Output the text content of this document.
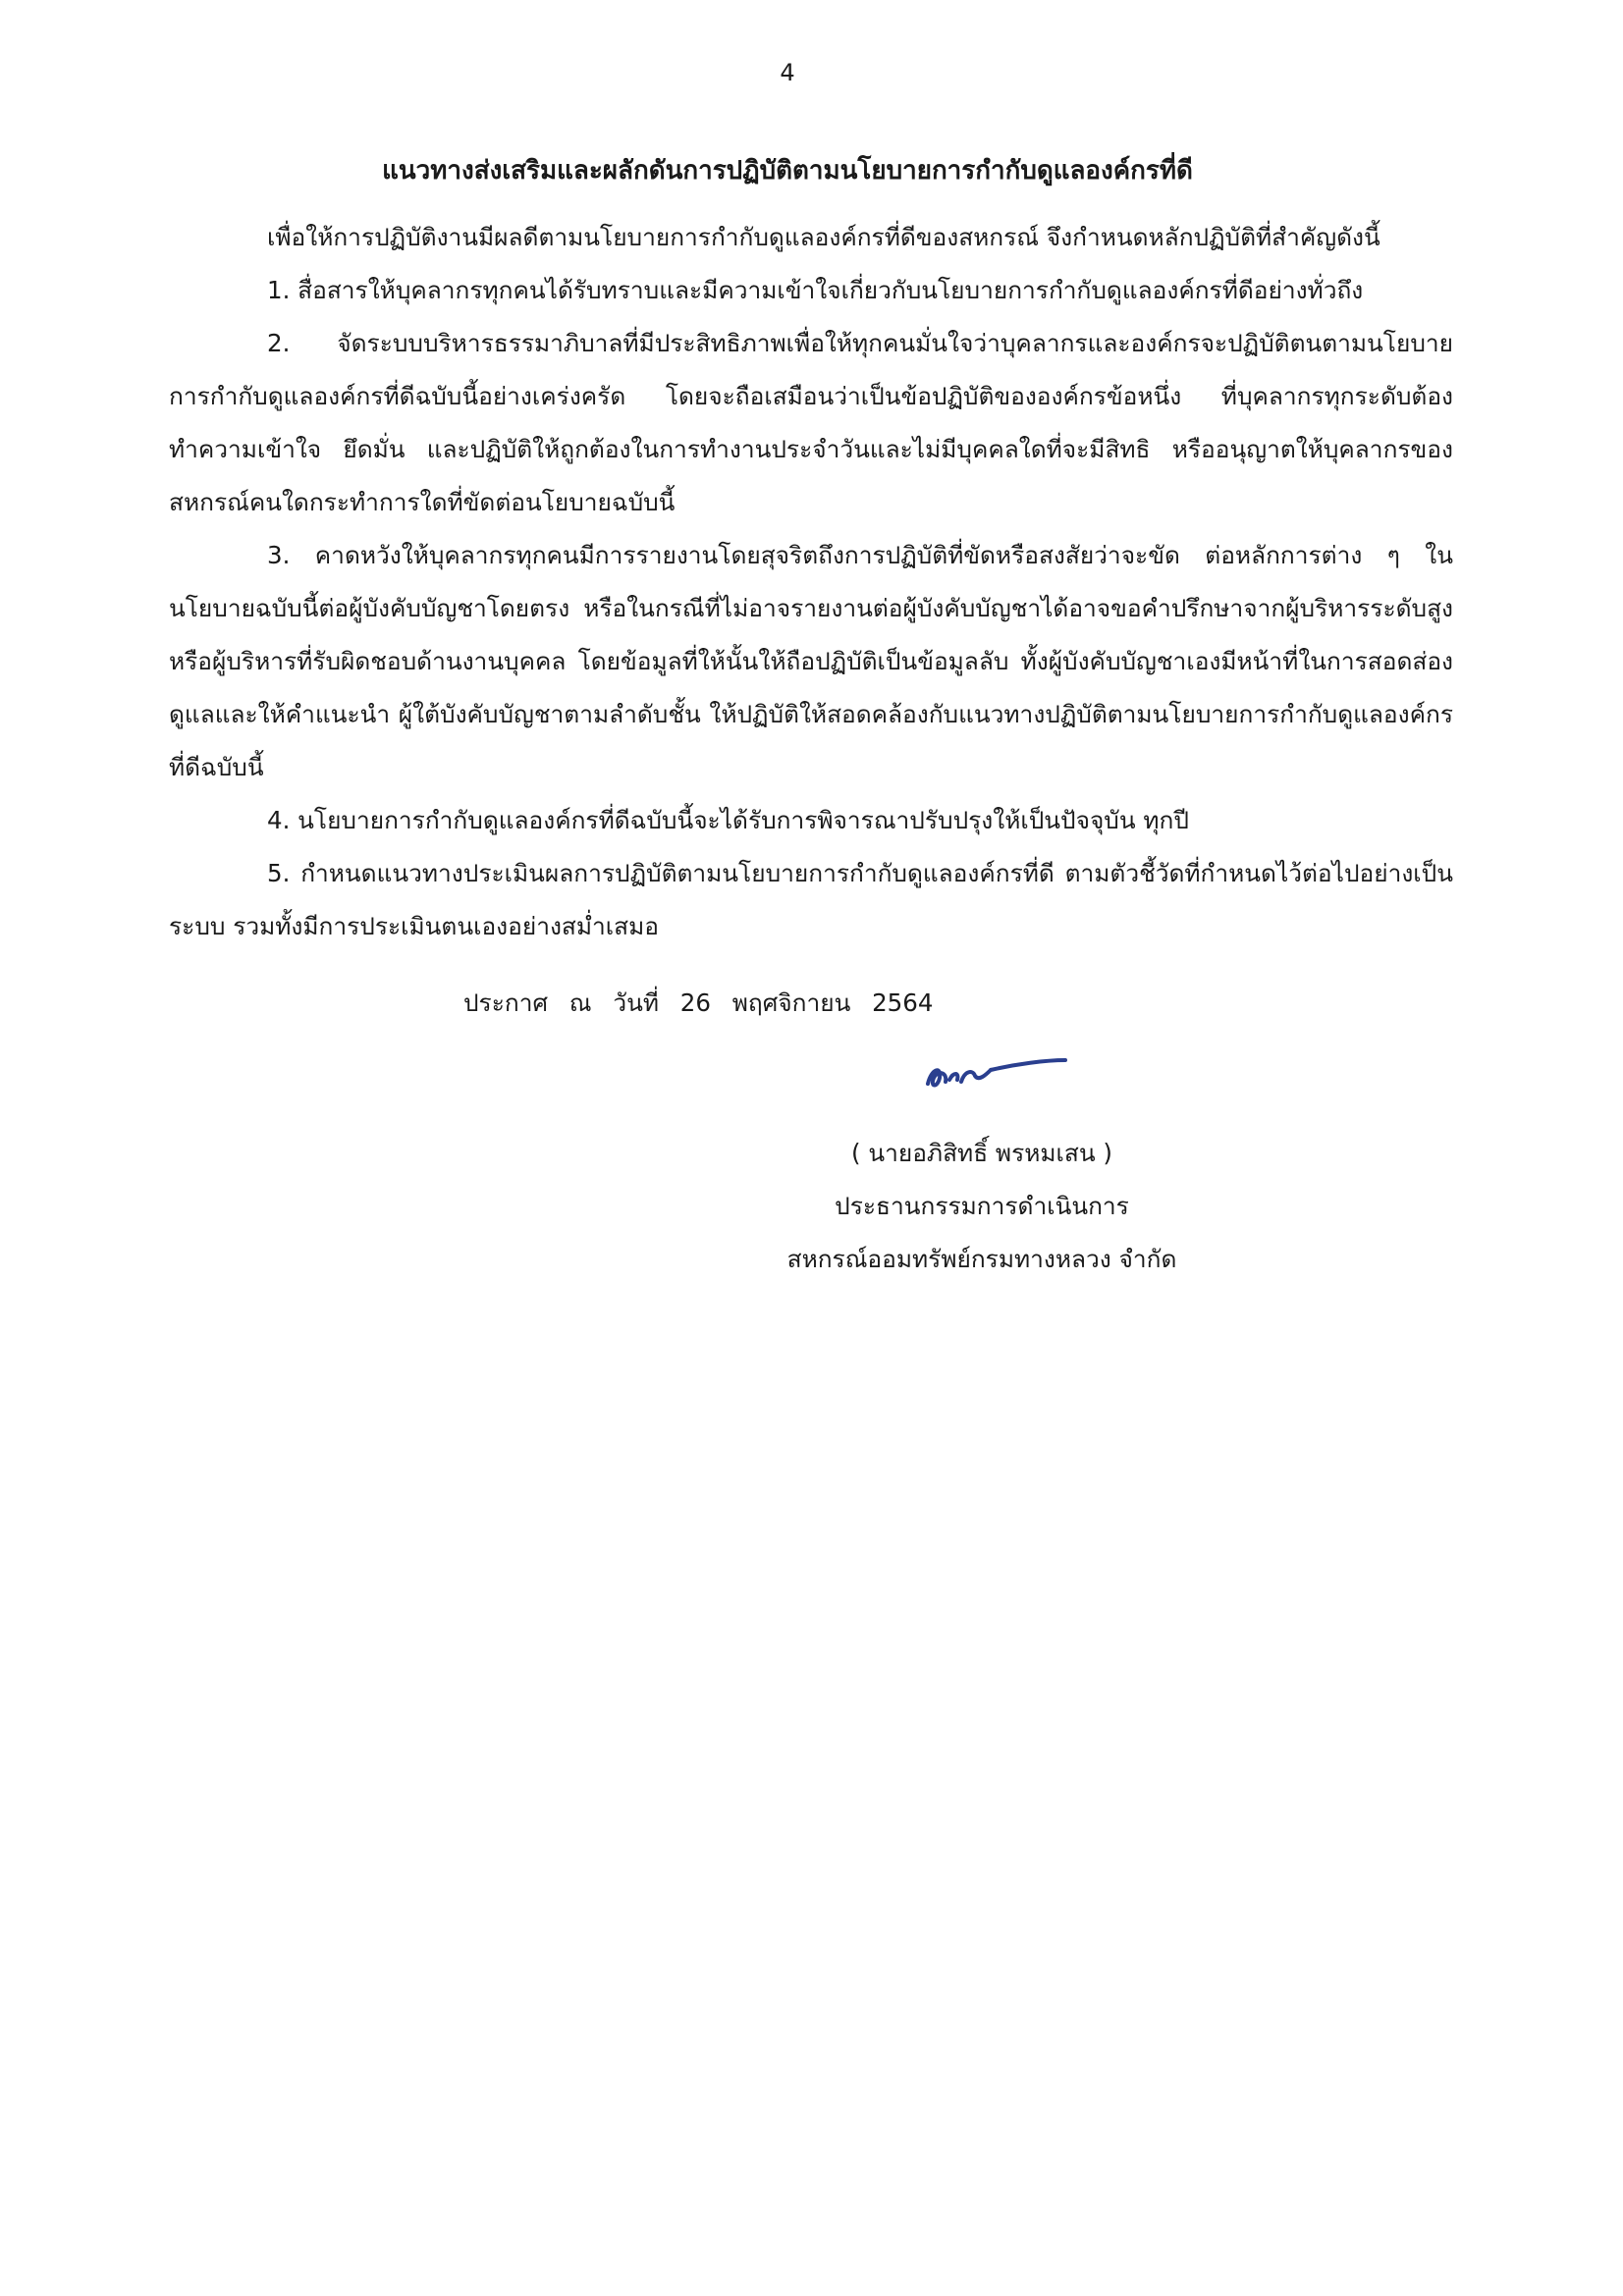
4
แนวทางส่งเสริมและผลักดันการปฏิบัติตามนโยบายการกำกับดูแลองค์กรที่ดี

เพื่อให้การปฏิบัติงานมีผลดีตามนโยบายการกำกับดูแลองค์กรที่ดีของสหกรณ์ จึงกำหนดหลักปฏิบัติที่สำคัญดังนี้

1. สื่อสารให้บุคลากรทุกคนได้รับทราบและมีความเข้าใจเกี่ยวกับนโยบายการกำกับดูแลองค์กรที่ดีอย่างทั่วถึง

2. จัดระบบบริหารธรรมาภิบาลที่มีประสิทธิภาพเพื่อให้ทุกคนมั่นใจว่าบุคลากรและองค์กรจะปฏิบัติตนตามนโยบายการกำกับดูแลองค์กรที่ดีฉบับนี้อย่างเคร่งครัด โดยจะถือเสมือนว่าเป็นข้อปฏิบัติขององค์กรข้อหนึ่ง ที่บุคลากรทุกระดับต้องทำความเข้าใจ ยึดมั่น และปฏิบัติให้ถูกต้องในการทำงานประจำวันและไม่มีบุคคลใดที่จะมีสิทธิ หรืออนุญาตให้บุคลากรของสหกรณ์คนใดกระทำการใดที่ขัดต่อนโยบายฉบับนี้

3. คาดหวังให้บุคลากรทุกคนมีการรายงานโดยสุจริตถึงการปฏิบัติที่ขัดหรือสงสัยว่าจะขัด ต่อหลักการต่าง ๆ ในนโยบายฉบับนี้ต่อผู้บังคับบัญชาโดยตรง หรือในกรณีที่ไม่อาจรายงานต่อผู้บังคับบัญชาได้อาจขอคำปรึกษาจากผู้บริหารระดับสูง หรือผู้บริหารที่รับผิดชอบด้านงานบุคคล โดยข้อมูลที่ให้นั้นให้ถือปฏิบัติเป็นข้อมูลลับ ทั้งผู้บังคับบัญชาเองมีหน้าที่ในการสอดส่องดูแลและให้คำแนะนำ ผู้ใต้บังคับบัญชาตามลำดับชั้น ให้ปฏิบัติให้สอดคล้องกับแนวทางปฏิบัติตามนโยบายการกำกับดูแลองค์กรที่ดีฉบับนี้

4. นโยบายการกำกับดูแลองค์กรที่ดีฉบับนี้จะได้รับการพิจารณาปรับปรุงให้เป็นปัจจุบัน ทุกปี

5. กำหนดแนวทางประเมินผลการปฏิบัติตามนโยบายการกำกับดูแลองค์กรที่ดี ตามตัวชี้วัดที่กำหนดไว้ต่อไปอย่างเป็นระบบ รวมทั้งมีการประเมินตนเองอย่างสม่ำเสมอ

ประกาศ ณ วันที่ 26 พฤศจิกายน 2564
( นายอภิสิทธิ์ พรหมเสน )
ประธานกรรมการดำเนินการ
สหกรณ์ออมทรัพย์กรมทางหลวง จำกัด
